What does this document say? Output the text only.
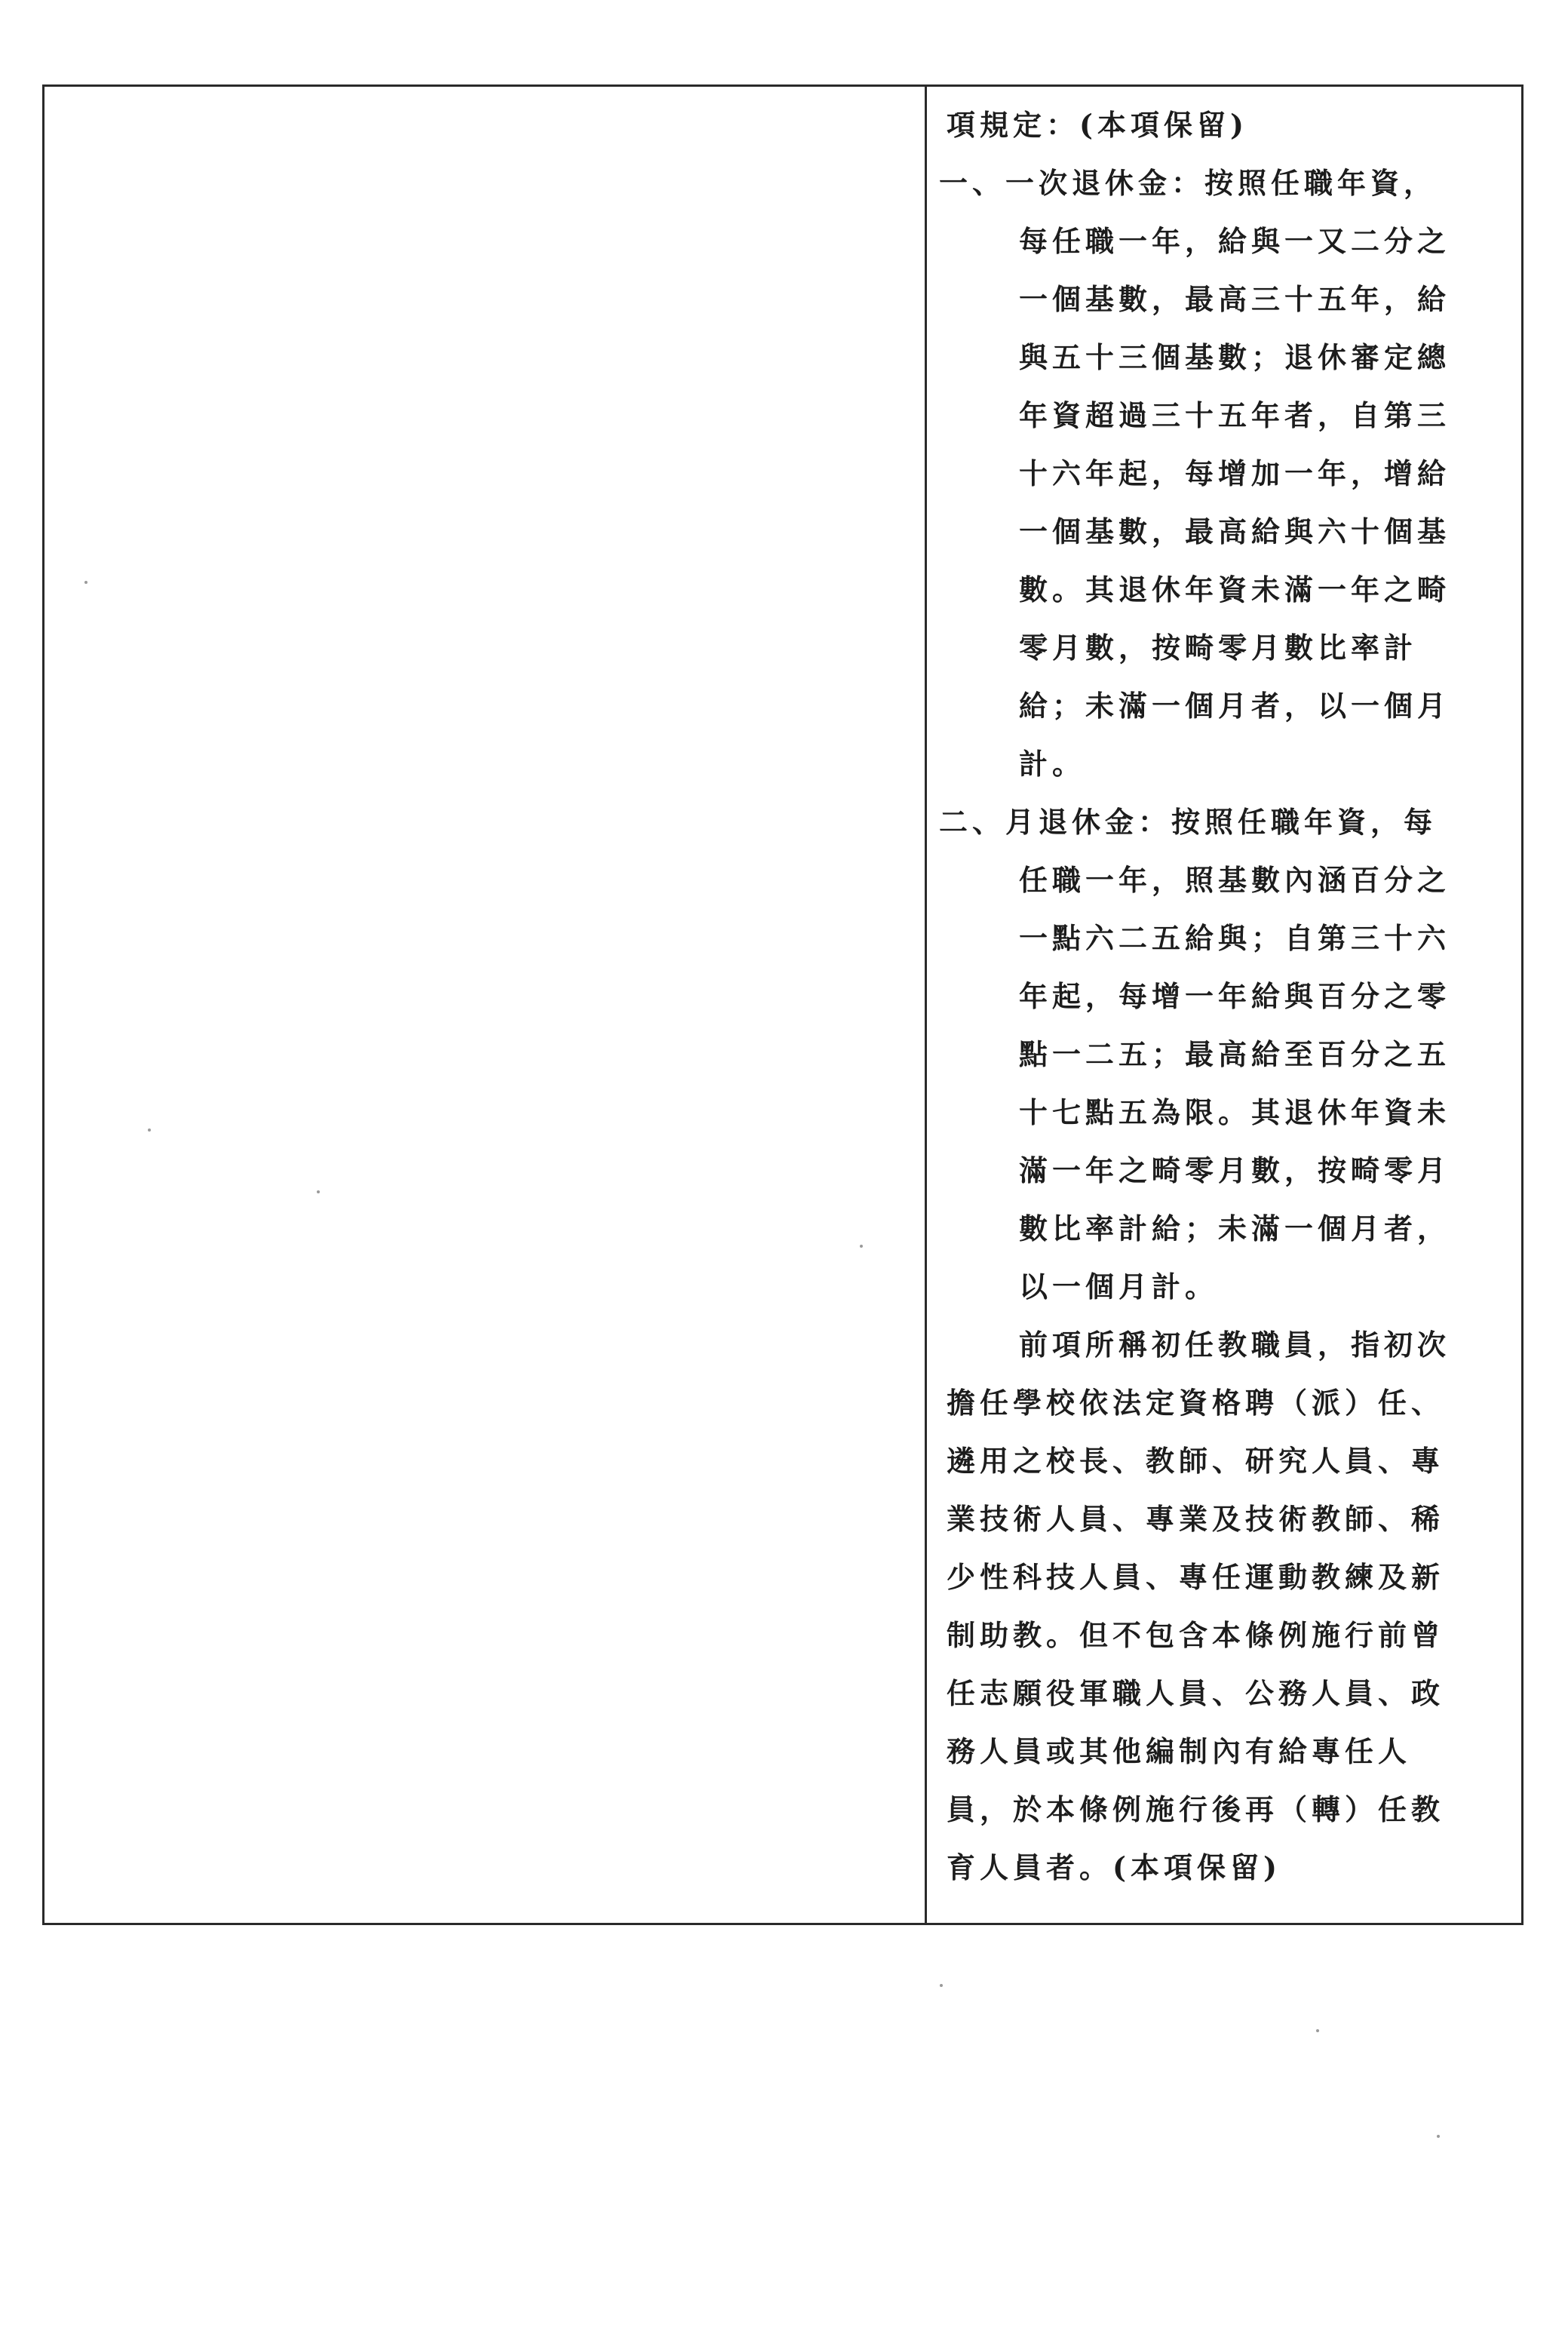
項規定：(本項保留)
一、一次退休金：按照任職年資，
每任職一年，給與一又二分之
一個基數，最高三十五年，給
與五十三個基數；退休審定總
年資超過三十五年者，自第三
十六年起，每增加一年，增給
一個基數，最高給與六十個基
數。其退休年資未滿一年之畸
零月數，按畸零月數比率計
給；未滿一個月者，以一個月
計。
二、月退休金：按照任職年資，每
任職一年，照基數內涵百分之
一點六二五給與；自第三十六
年起，每增一年給與百分之零
點一二五；最高給至百分之五
十七點五為限。其退休年資未
滿一年之畸零月數，按畸零月
數比率計給；未滿一個月者，
以一個月計。
前項所稱初任教職員，指初次
擔任學校依法定資格聘（派）任、
遴用之校長、教師、研究人員、專
業技術人員、專業及技術教師、稀
少性科技人員、專任運動教練及新
制助教。但不包含本條例施行前曾
任志願役軍職人員、公務人員、政
務人員或其他編制內有給專任人
員，於本條例施行後再（轉）任教
育人員者。(本項保留)
